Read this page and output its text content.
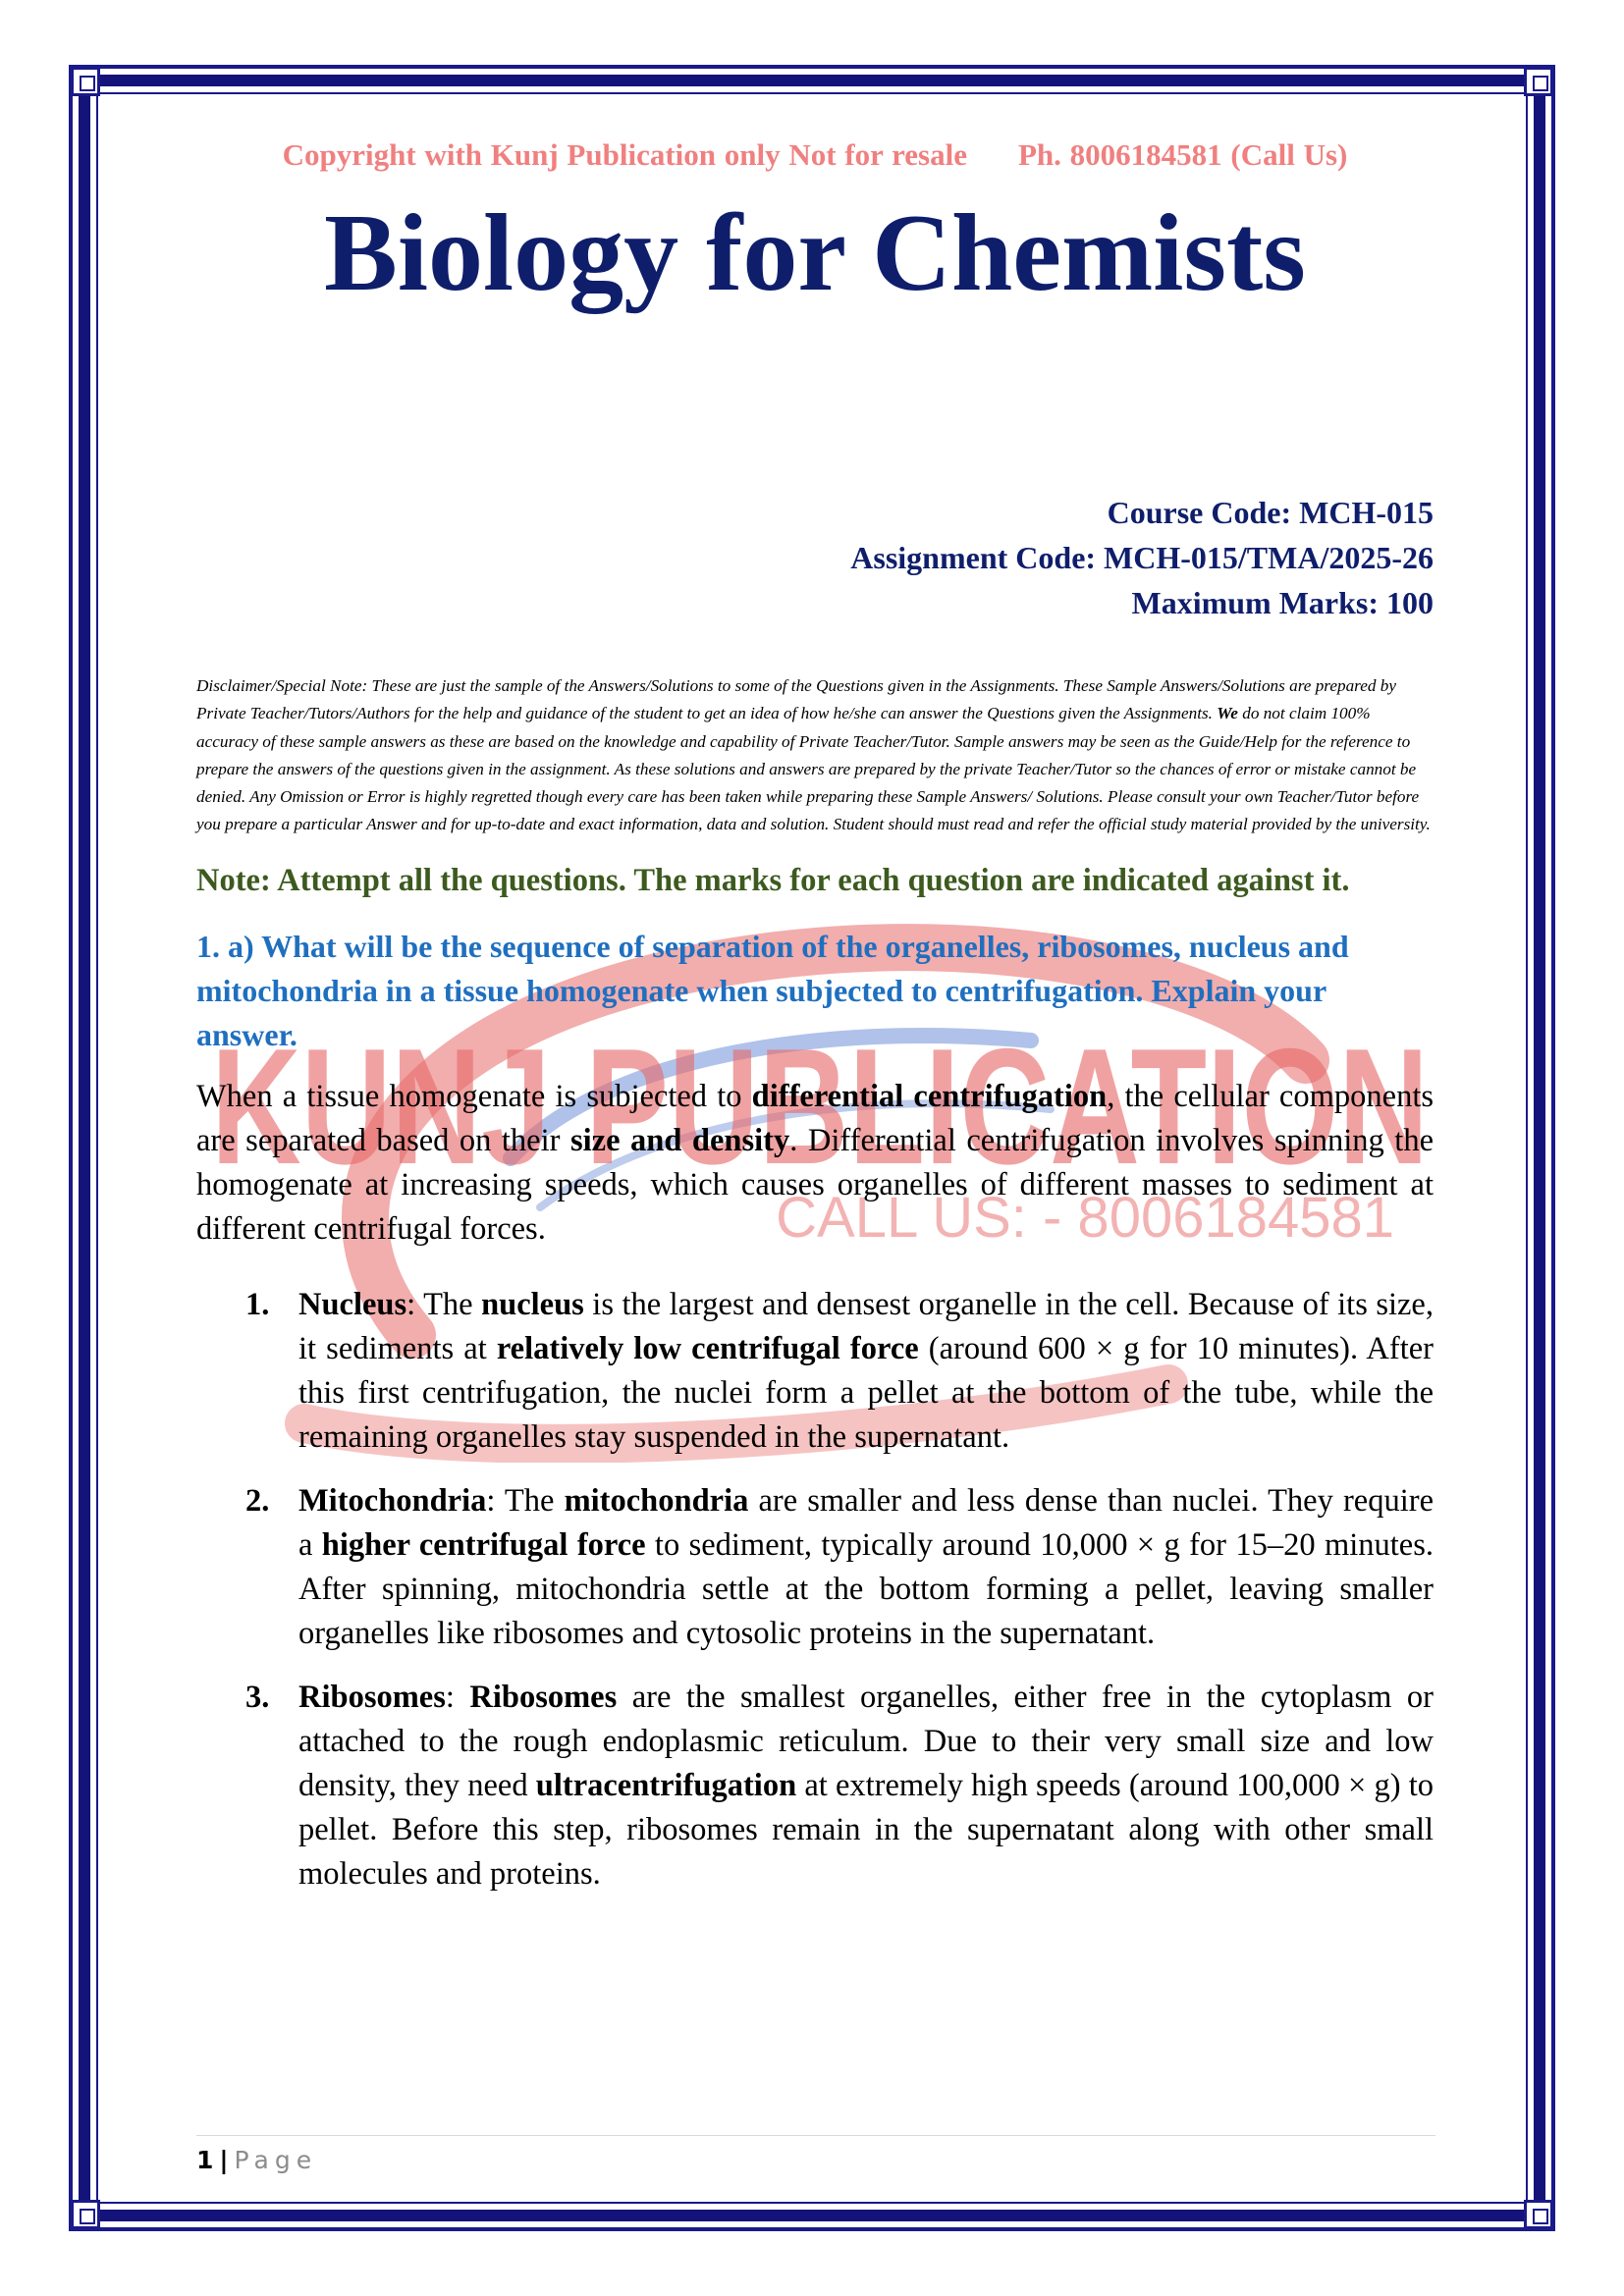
KUNJ PUBLICATION
CALL US: - 8006184581
Copyright with Kunj Publication only Not for resale Ph. 8006184581 (Call Us)
Biology for Chemists
Course Code: MCH-015
Assignment Code: MCH-015/TMA/2025-26
Maximum Marks: 100
Disclaimer/Special Note: These are just the sample of the Answers/Solutions to some of the Questions given in the Assignments. These Sample Answers/Solutions are prepared by Private Teacher/Tutors/Authors for the help and guidance of the student to get an idea of how he/she can answer the Questions given the Assignments. We do not claim 100% accuracy of these sample answers as these are based on the knowledge and capability of Private Teacher/Tutor. Sample answers may be seen as the Guide/Help for the reference to prepare the answers of the questions given in the assignment. As these solutions and answers are prepared by the private Teacher/Tutor so the chances of error or mistake cannot be denied. Any Omission or Error is highly regretted though every care has been taken while preparing these Sample Answers/ Solutions. Please consult your own Teacher/Tutor before you prepare a particular Answer and for up-to-date and exact information, data and solution. Student should must read and refer the official study material provided by the university.
Note: Attempt all the questions. The marks for each question are indicated against it.
1. a) What will be the sequence of separation of the organelles, ribosomes, nucleus and mitochondria in a tissue homogenate when subjected to centrifugation. Explain your answer.

When a tissue homogenate is subjected to differential centrifugation, the cellular components are separated based on their size and density. Differential centrifugation involves spinning the homogenate at increasing speeds, which causes organelles of different masses to sediment at different centrifugal forces.

1. Nucleus: The nucleus is the largest and densest organelle in the cell. Because of its size, it sediments at relatively low centrifugal force (around 600 × g for 10 minutes). After this first centrifugation, the nuclei form a pellet at the bottom of the tube, while the remaining organelles stay suspended in the supernatant.
2. Mitochondria: The mitochondria are smaller and less dense than nuclei. They require a higher centrifugal force to sediment, typically around 10,000 × g for 15–20 minutes. After spinning, mitochondria settle at the bottom forming a pellet, leaving smaller organelles like ribosomes and cytosolic proteins in the supernatant.
3. Ribosomes: Ribosomes are the smallest organelles, either free in the cytoplasm or attached to the rough endoplasmic reticulum. Due to their very small size and low density, they need ultracentrifugation at extremely high speeds (around 100,000 × g) to pellet. Before this step, ribosomes remain in the supernatant along with other small molecules and proteins.
1 | Page
